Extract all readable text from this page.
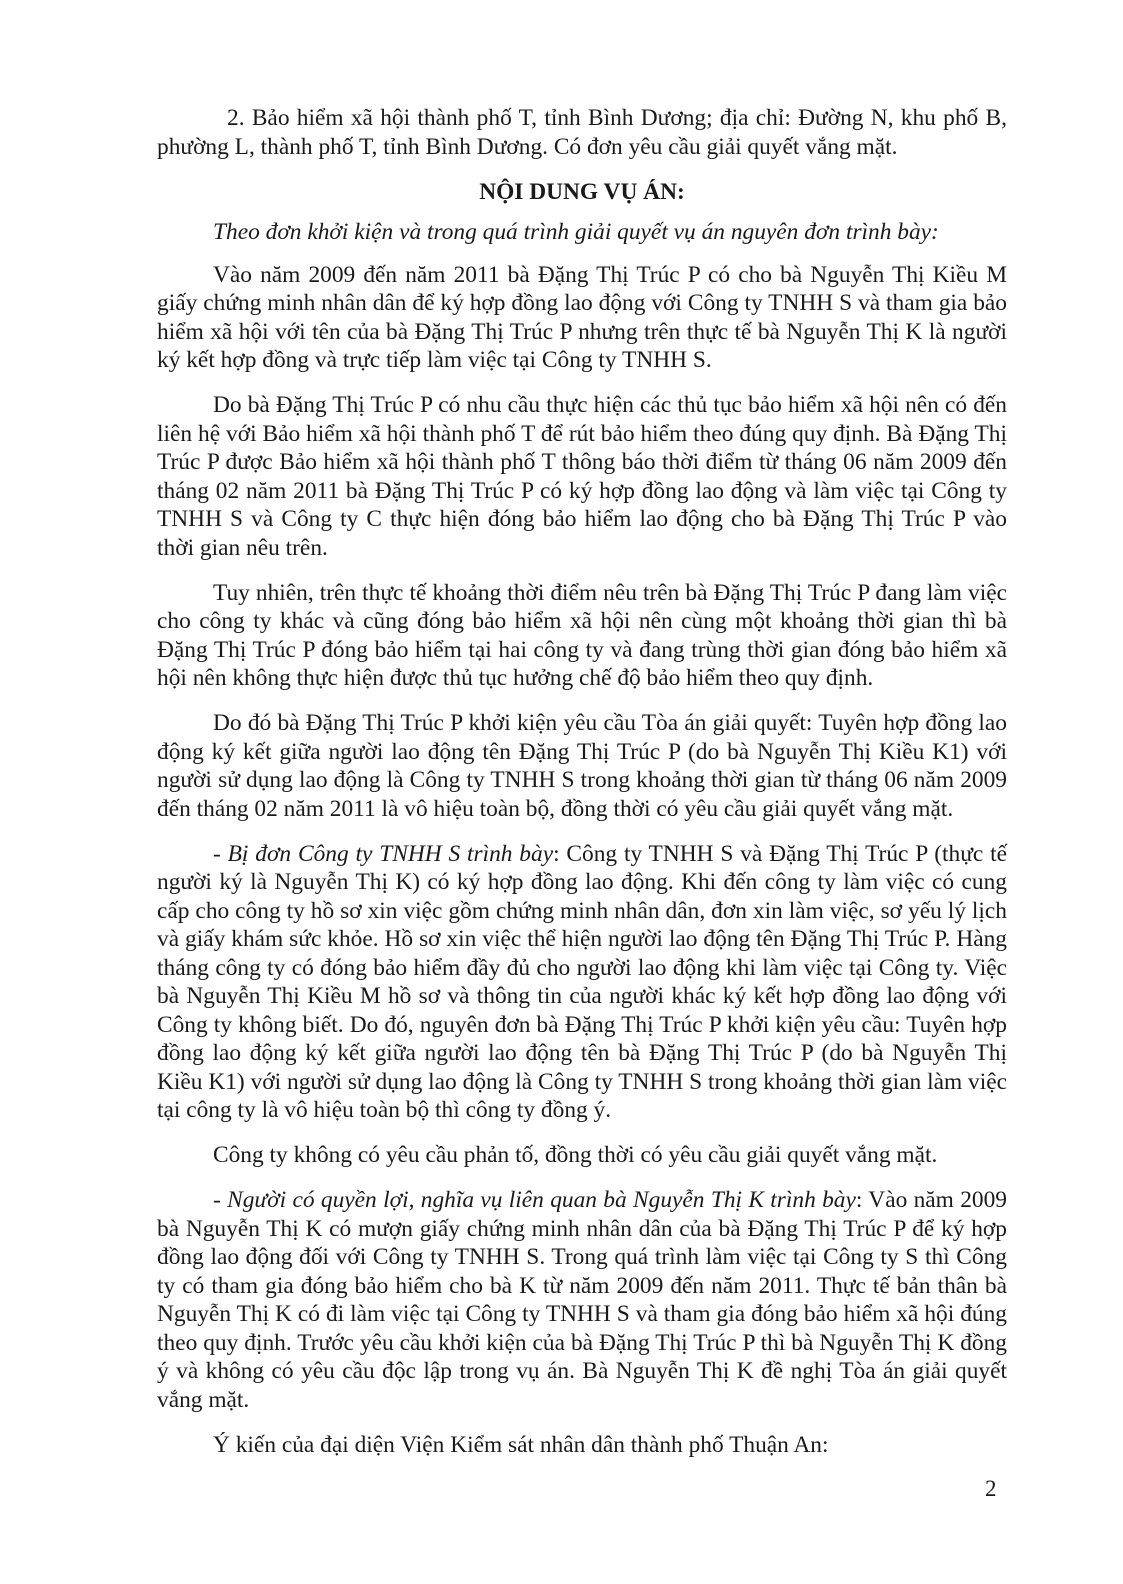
2. Bảo hiểm xã hội thành phố T, tỉnh Bình Dương; địa chỉ: Đường N, khu phố B, phường L, thành phố T, tỉnh Bình Dương. Có đơn yêu cầu giải quyết vắng mặt.

NỘI DUNG VỤ ÁN:

Theo đơn khởi kiện và trong quá trình giải quyết vụ án nguyên đơn trình bày:

Vào năm 2009 đến năm 2011 bà Đặng Thị Trúc P có cho bà Nguyễn Thị Kiều M giấy chứng minh nhân dân để ký hợp đồng lao động với Công ty TNHH S và tham gia bảo hiểm xã hội với tên của bà Đặng Thị Trúc P nhưng trên thực tế bà Nguyễn Thị K là người ký kết hợp đồng và trực tiếp làm việc tại Công ty TNHH S.

Do bà Đặng Thị Trúc P có nhu cầu thực hiện các thủ tục bảo hiểm xã hội nên có đến liên hệ với Bảo hiểm xã hội thành phố T để rút bảo hiểm theo đúng quy định. Bà Đặng Thị Trúc P được Bảo hiểm xã hội thành phố T thông báo thời điểm từ tháng 06 năm 2009 đến tháng 02 năm 2011 bà Đặng Thị Trúc P có ký hợp đồng lao động và làm việc tại Công ty TNHH S và Công ty C thực hiện đóng bảo hiểm lao động cho bà Đặng Thị Trúc P vào thời gian nêu trên.

Tuy nhiên, trên thực tế khoảng thời điểm nêu trên bà Đặng Thị Trúc P đang làm việc cho công ty khác và cũng đóng bảo hiểm xã hội nên cùng một khoảng thời gian thì bà Đặng Thị Trúc P đóng bảo hiểm tại hai công ty và đang trùng thời gian đóng bảo hiểm xã hội nên không thực hiện được thủ tục hưởng chế độ bảo hiểm theo quy định.

Do đó bà Đặng Thị Trúc P khởi kiện yêu cầu Tòa án giải quyết: Tuyên hợp đồng lao động ký kết giữa người lao động tên Đặng Thị Trúc P (do bà Nguyễn Thị Kiều K1) với người sử dụng lao động là Công ty TNHH S trong khoảng thời gian từ tháng 06 năm 2009 đến tháng 02 năm 2011 là vô hiệu toàn bộ, đồng thời có yêu cầu giải quyết vắng mặt.

- Bị đơn Công ty TNHH S trình bày: Công ty TNHH S và Đặng Thị Trúc P (thực tế người ký là Nguyễn Thị K) có ký hợp đồng lao động. Khi đến công ty làm việc có cung cấp cho công ty hồ sơ xin việc gồm chứng minh nhân dân, đơn xin làm việc, sơ yếu lý lịch và giấy khám sức khỏe. Hồ sơ xin việc thể hiện người lao động tên Đặng Thị Trúc P. Hàng tháng công ty có đóng bảo hiểm đầy đủ cho người lao động khi làm việc tại Công ty. Việc bà Nguyễn Thị Kiều M hồ sơ và thông tin của người khác ký kết hợp đồng lao động với Công ty không biết. Do đó, nguyên đơn bà Đặng Thị Trúc P khởi kiện yêu cầu: Tuyên hợp đồng lao động ký kết giữa người lao động tên bà Đặng Thị Trúc P (do bà Nguyễn Thị Kiều K1) với người sử dụng lao động là Công ty TNHH S trong khoảng thời gian làm việc tại công ty là vô hiệu toàn bộ thì công ty đồng ý.

Công ty không có yêu cầu phản tố, đồng thời có yêu cầu giải quyết vắng mặt.

- Người có quyền lợi, nghĩa vụ liên quan bà Nguyễn Thị K trình bày: Vào năm 2009 bà Nguyễn Thị K có mượn giấy chứng minh nhân dân của bà Đặng Thị Trúc P để ký hợp đồng lao động đối với Công ty TNHH S. Trong quá trình làm việc tại Công ty S thì Công ty có tham gia đóng bảo hiểm cho bà K từ năm 2009 đến năm 2011. Thực tế bản thân bà Nguyễn Thị K có đi làm việc tại Công ty TNHH S và tham gia đóng bảo hiểm xã hội đúng theo quy định. Trước yêu cầu khởi kiện của bà Đặng Thị Trúc P thì bà Nguyễn Thị K đồng ý và không có yêu cầu độc lập trong vụ án. Bà Nguyễn Thị K đề nghị Tòa án giải quyết vắng mặt.

Ý kiến của đại diện Viện Kiểm sát nhân dân thành phố Thuận An:

2
